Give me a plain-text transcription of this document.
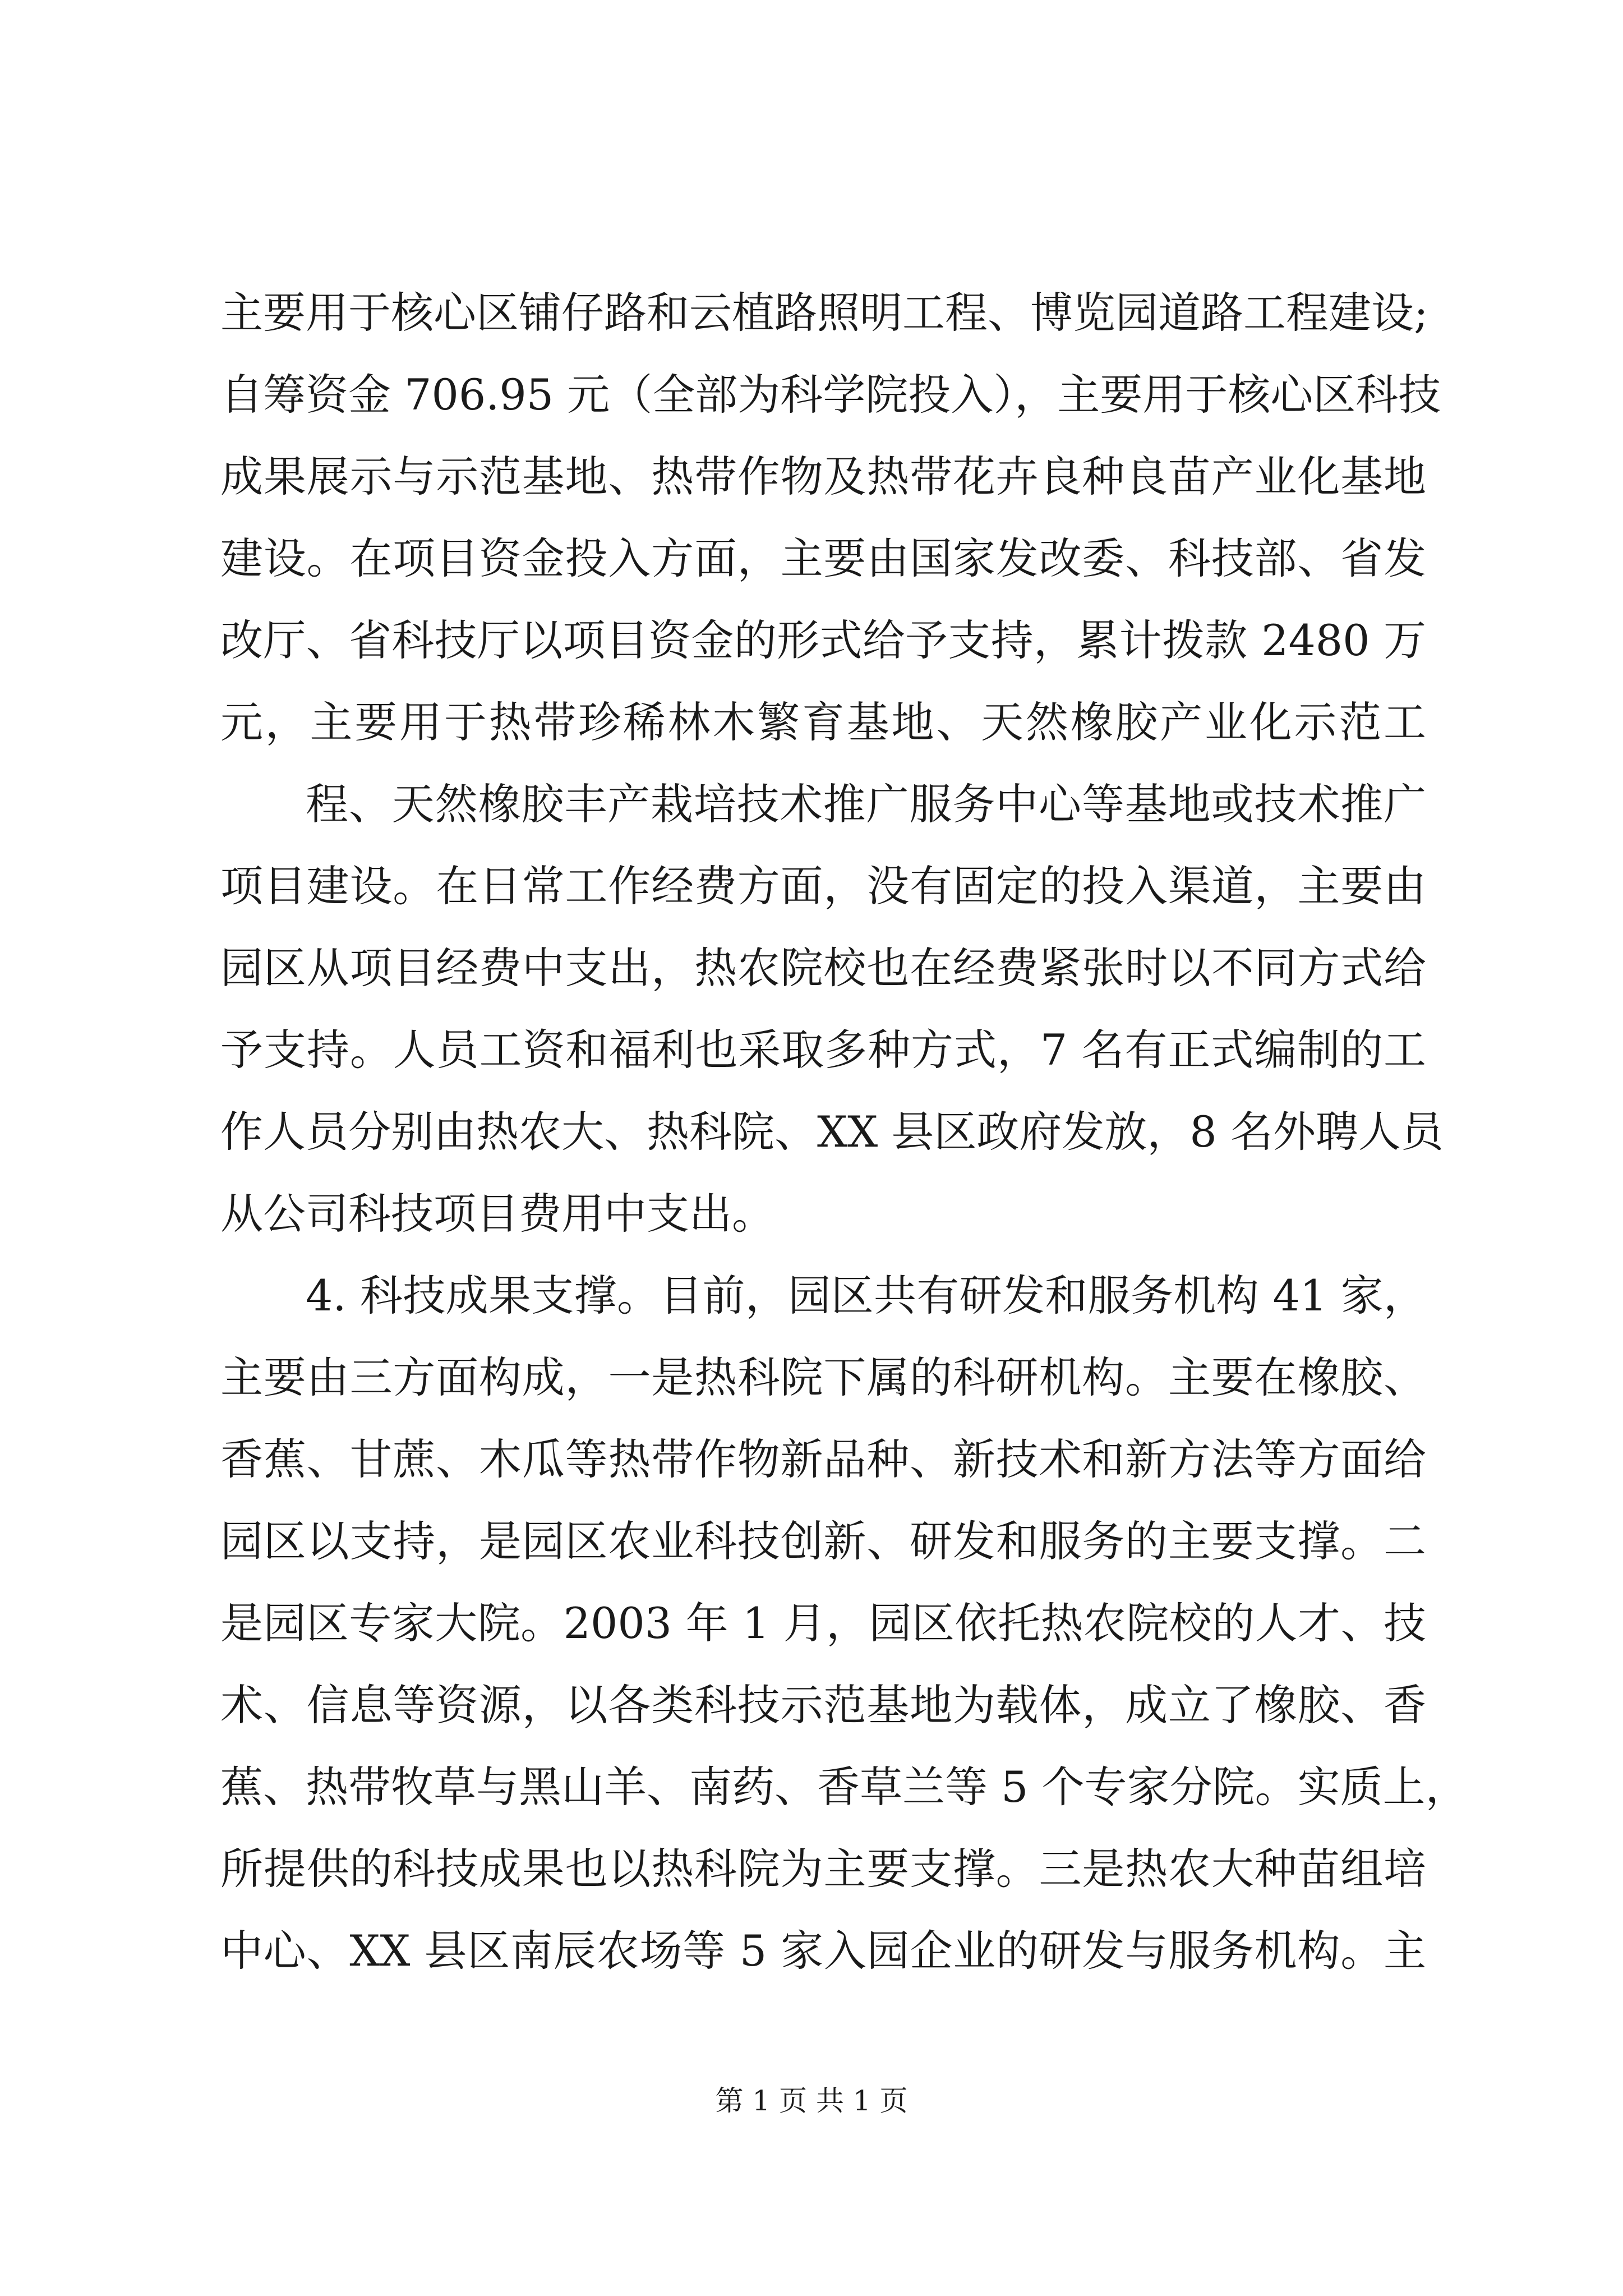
主要用于核心区铺仔路和云植路照明工程、博览园道路工程建设;
自筹资金 706.95 元（全部为科学院投入），主要用于核心区科技
成果展示与示范基地、热带作物及热带花卉良种良苗产业化基地
建设。在项目资金投入方面，主要由国家发改委、科技部、省发
改厅、省科技厅以项目资金的形式给予支持，累计拨款 2480 万
元，主要用于热带珍稀林木繁育基地、天然橡胶产业化示范工
程、天然橡胶丰产栽培技术推广服务中心等基地或技术推广
项目建设。在日常工作经费方面，没有固定的投入渠道，主要由
园区从项目经费中支出，热农院校也在经费紧张时以不同方式给
予支持。人员工资和福利也采取多种方式，7 名有正式编制的工
作人员分别由热农大、热科院、XX 县区政府发放，8 名外聘人员
从公司科技项目费用中支出。
4. 科技成果支撑。目前，园区共有研发和服务机构 41 家，
主要由三方面构成，一是热科院下属的科研机构。主要在橡胶、
香蕉、甘蔗、木瓜等热带作物新品种、新技术和新方法等方面给
园区以支持，是园区农业科技创新、研发和服务的主要支撑。二
是园区专家大院。2003 年 1 月，园区依托热农院校的人才、技
术、信息等资源，以各类科技示范基地为载体，成立了橡胶、香
蕉、热带牧草与黑山羊、南药、香草兰等 5 个专家分院。实质上，
所提供的科技成果也以热科院为主要支撑。三是热农大种苗组培
中心、XX 县区南辰农场等 5 家入园企业的研发与服务机构。主
第 1 页 共 1 页
